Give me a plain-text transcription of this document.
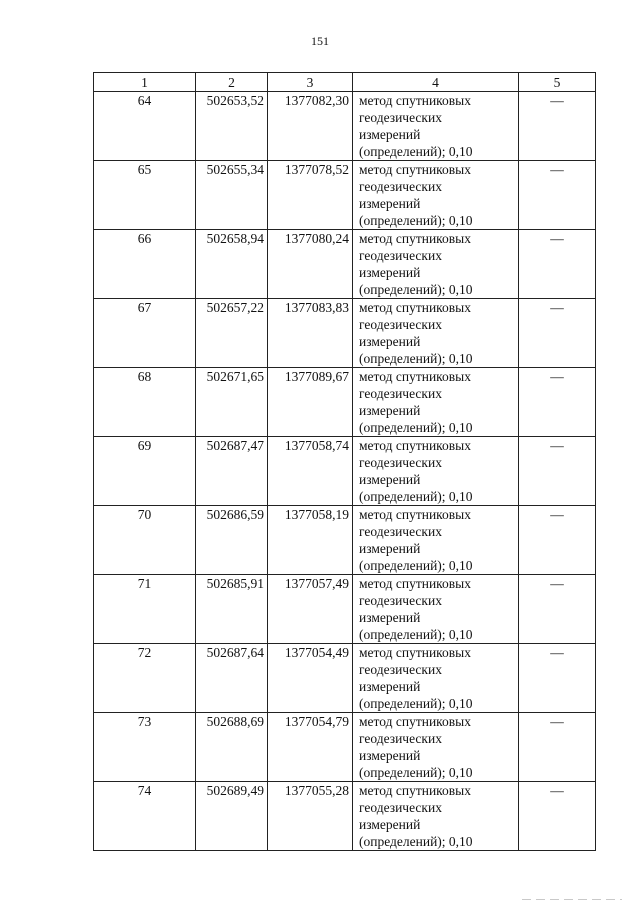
151
1	2	3	4	5
64	502653,52	1377082,30	метод спутниковых геодезических измерений (определений); 0,10	—
65	502655,34	1377078,52	метод спутниковых геодезических измерений (определений); 0,10	—
66	502658,94	1377080,24	метод спутниковых геодезических измерений (определений); 0,10	—
67	502657,22	1377083,83	метод спутниковых геодезических измерений (определений); 0,10	—
68	502671,65	1377089,67	метод спутниковых геодезических измерений (определений); 0,10	—
69	502687,47	1377058,74	метод спутниковых геодезических измерений (определений); 0,10	—
70	502686,59	1377058,19	метод спутниковых геодезических измерений (определений); 0,10	—
71	502685,91	1377057,49	метод спутниковых геодезических измерений (определений); 0,10	—
72	502687,64	1377054,49	метод спутниковых геодезических измерений (определений); 0,10	—
73	502688,69	1377054,79	метод спутниковых геодезических измерений (определений); 0,10	—
74	502689,49	1377055,28	метод спутниковых геодезических измерений (определений); 0,10	—
